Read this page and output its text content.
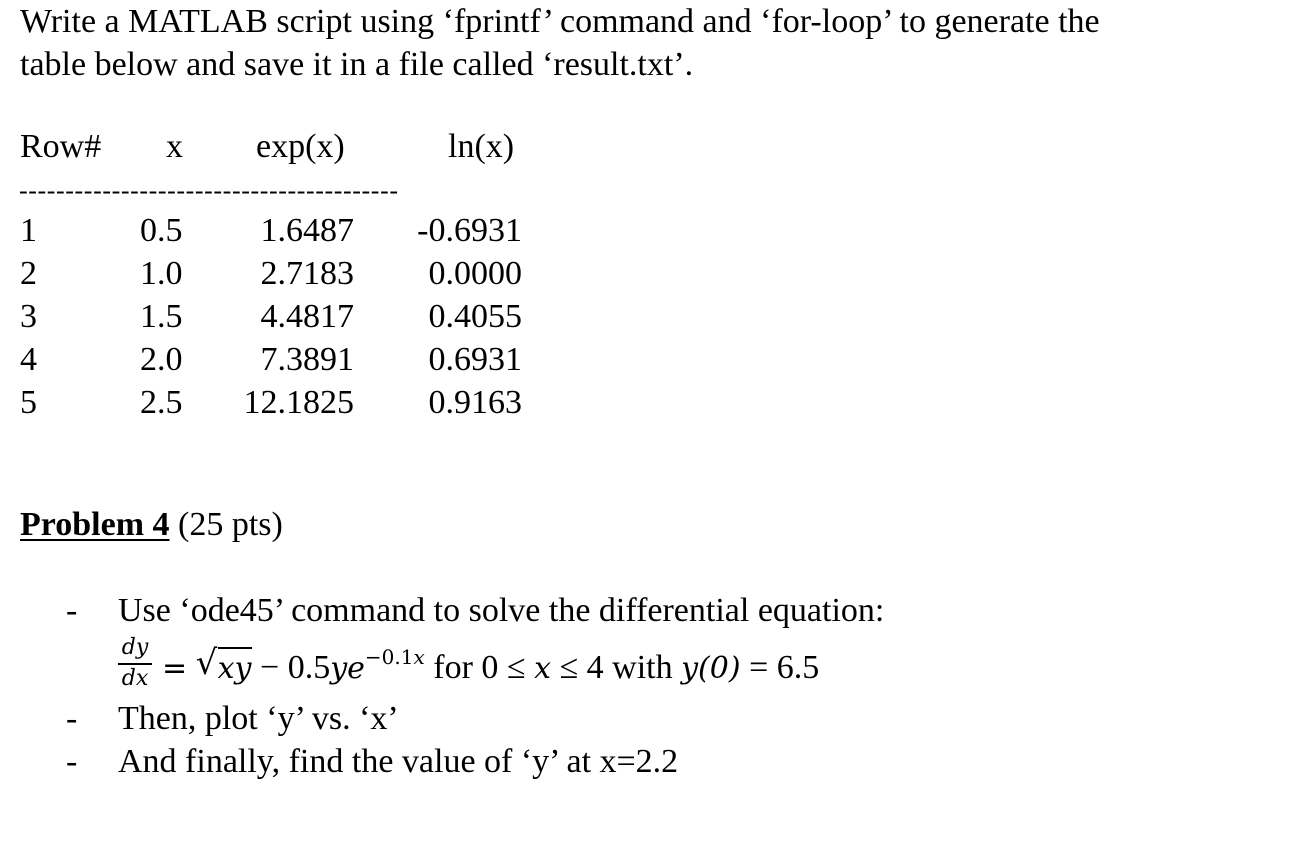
Write a MATLAB script using ‘fprintf’ command and ‘for-loop’ to generate the
table below and save it in a file called ‘result.txt’.
Row# x exp(x)	ln(x)
-----------------------------------------
1	0.5	1.6487	-0.6931
2	1.0	2.7183	0.0000
3	1.5	4.4817	0.4055
4	2.0	7.3891	0.6931
5	2.5	12.1825	0.9163
Problem 4 (25 pts)
- Use ‘ode45’ command to solve the differential equation:
dy
dx = √ xy − $0.5ye^{-0.1x}$ for 0 ≤ x ≤ 4 with y(0) = 6.5
- Then, plot ‘y’ vs. ‘x’
- And finally, find the value of ‘y’ at x=2.2
